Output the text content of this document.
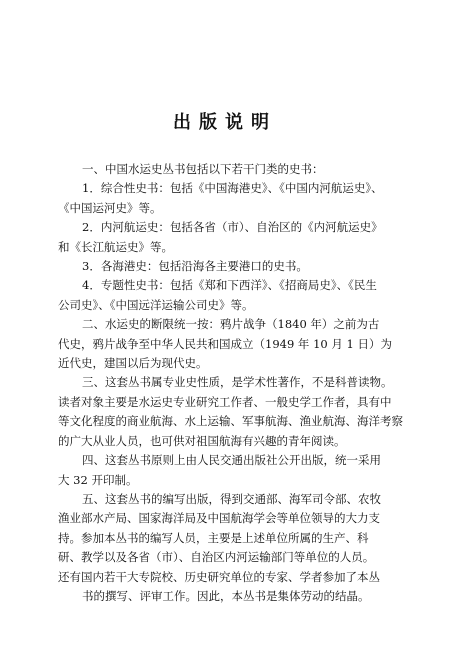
出版说明
一、中国水运史丛书包括以下若干门类的史书：
1．综合性史书：包括《中国海港史》、《中国内河航运史》、
《中国运河史》等。
2．内河航运史：包括各省（市）、自治区的《内河航运史》
和《长江航运史》等。
3．各海港史：包括沿海各主要港口的史书。
4．专题性史书：包括《郑和下西洋》、《招商局史》、《民生
公司史》、《中国远洋运输公司史》等。
二、水运史的断限统一按：鸦片战争（1840 年）之前为古
代史，鸦片战争至中华人民共和国成立（1949 年 10 月 1 日）为
近代史，建国以后为现代史。
三、这套丛书属专业史性质，是学术性著作，不是科普读物。
读者对象主要是水运史专业研究工作者、一般史学工作者，具有中
等文化程度的商业航海、水上运输、军事航海、渔业航海、海洋考察
的广大从业人员，也可供对祖国航海有兴趣的青年阅读。
四、这套丛书原则上由人民交通出版社公开出版，统一采用
大 32 开印制。
五、这套丛书的编写出版，得到交通部、海军司令部、农牧
渔业部水产局、国家海洋局及中国航海学会等单位领导的大力支
持。参加本丛书的编写人员，主要是上述单位所属的生产、科
研、教学以及各省（市）、自治区内河运输部门等单位的人员。
还有国内若干大专院校、历史研究单位的专家、学者参加了本丛
书的撰写、评审工作。因此，本丛书是集体劳动的结晶。
